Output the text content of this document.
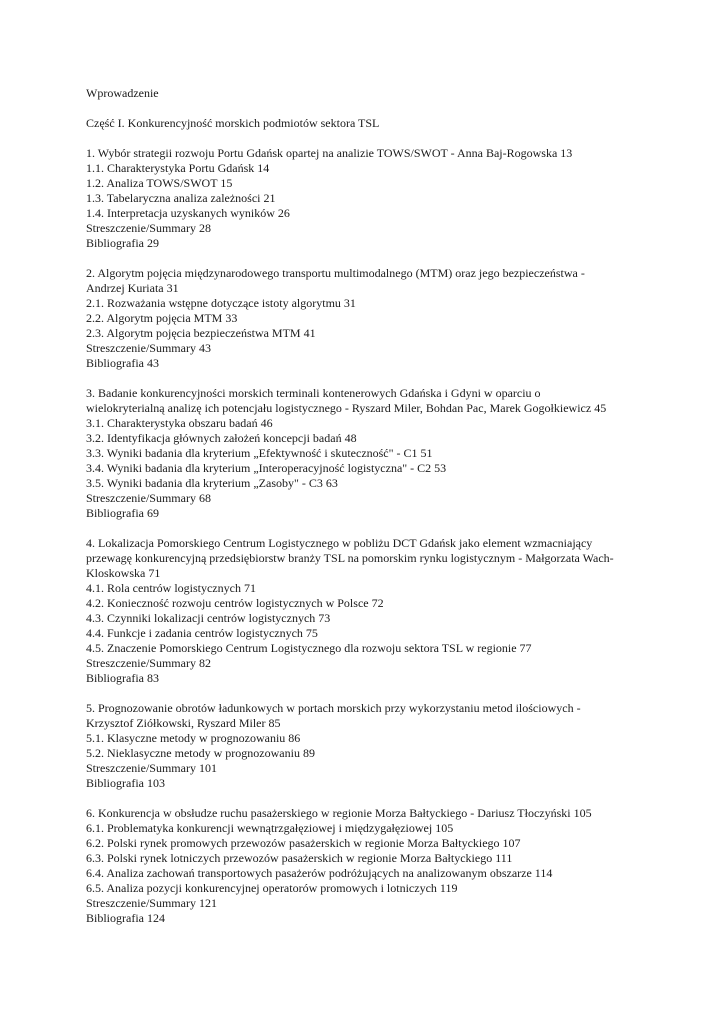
Wprowadzenie
Część I. Konkurencyjność morskich podmiotów sektora TSL
1. Wybór strategii rozwoju Portu Gdańsk opartej na analizie TOWS/SWOT - Anna Baj-Rogowska 13
1.1. Charakterystyka Portu Gdańsk 14
1.2. Analiza TOWS/SWOT 15
1.3. Tabelaryczna analiza zależności 21
1.4. Interpretacja uzyskanych wyników 26
Streszczenie/Summary 28
Bibliografia 29
2. Algorytm pojęcia międzynarodowego transportu multimodalnego (MTM) oraz jego bezpieczeństwa -
Andrzej Kuriata 31
2.1. Rozważania wstępne dotyczące istoty algorytmu 31
2.2. Algorytm pojęcia MTM 33
2.3. Algorytm pojęcia bezpieczeństwa MTM 41
Streszczenie/Summary 43
Bibliografia 43
3. Badanie konkurencyjności morskich terminali kontenerowych Gdańska i Gdyni w oparciu o
wielokryterialną analizę ich potencjału logistycznego - Ryszard Miler, Bohdan Pac, Marek Gogołkiewicz 45
3.1. Charakterystyka obszaru badań 46
3.2. Identyfikacja głównych założeń koncepcji badań 48
3.3. Wyniki badania dla kryterium „Efektywność i skuteczność" - C1 51
3.4. Wyniki badania dla kryterium „Interoperacyjność logistyczna" - C2 53
3.5. Wyniki badania dla kryterium „Zasoby" - C3 63
Streszczenie/Summary 68
Bibliografia 69
4. Lokalizacja Pomorskiego Centrum Logistycznego w pobliżu DCT Gdańsk jako element wzmacniający
przewagę konkurencyjną przedsiębiorstw branży TSL na pomorskim rynku logistycznym - Małgorzata Wach-
Kloskowska 71
4.1. Rola centrów logistycznych 71
4.2. Konieczność rozwoju centrów logistycznych w Polsce 72
4.3. Czynniki lokalizacji centrów logistycznych 73
4.4. Funkcje i zadania centrów logistycznych 75
4.5. Znaczenie Pomorskiego Centrum Logistycznego dla rozwoju sektora TSL w regionie 77
Streszczenie/Summary 82
Bibliografia 83
5. Prognozowanie obrotów ładunkowych w portach morskich przy wykorzystaniu metod ilościowych -
Krzysztof Ziółkowski, Ryszard Miler 85
5.1. Klasyczne metody w prognozowaniu 86
5.2. Nieklasyczne metody w prognozowaniu 89
Streszczenie/Summary 101
Bibliografia 103
6. Konkurencja w obsłudze ruchu pasażerskiego w regionie Morza Bałtyckiego - Dariusz Tłoczyński 105
6.1. Problematyka konkurencji wewnątrzgałęziowej i międzygałęziowej 105
6.2. Polski rynek promowych przewozów pasażerskich w regionie Morza Bałtyckiego 107
6.3. Polski rynek lotniczych przewozów pasażerskich w regionie Morza Bałtyckiego 111
6.4. Analiza zachowań transportowych pasażerów podróżujących na analizowanym obszarze 114
6.5. Analiza pozycji konkurencyjnej operatorów promowych i lotniczych 119
Streszczenie/Summary 121
Bibliografia 124
